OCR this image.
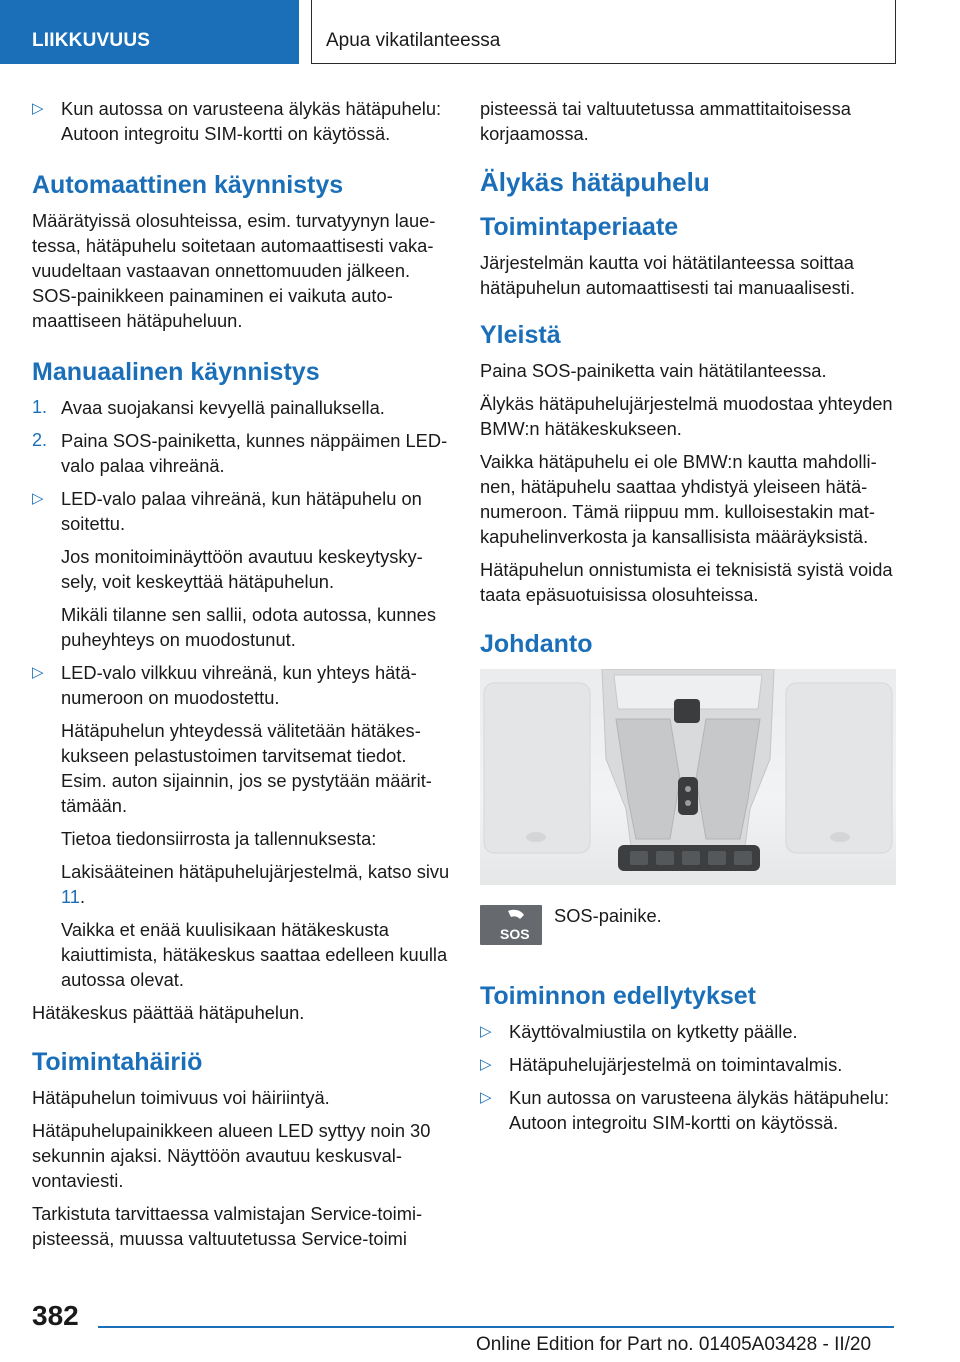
LIIKKUVUUS	Apua vikatilanteessa
▷ Kun autossa on varusteena älykäs hätäpuhelu: Autoon integroitu SIM-kortti on käytössä.
Automaattinen käynnistys

Määrätyissä olosuhteissa, esim. turvatyynyn lauetessa, hätäpuhelu soitetaan automaattisesti vakavuudeltaan vastaavan onnettomuuden jälkeen. SOS-painikkeen painaminen ei vaikuta automaattiseen hätäpuheluun.

Manuaalinen käynnistys
1. Avaa suojakansi kevyellä painalluksella.
2. Paina SOS-painiketta, kunnes näppäimen LED-valo palaa vihreänä.
▷ LED-valo palaa vihreänä, kun hätäpuhelu on soitettu.

Jos monitoiminäyttöön avautuu keskeytyskysely, voit keskeyttää hätäpuhelun.

Mikäli tilanne sen sallii, odota autossa, kunnes puheyhteys on muodostunut.

▷ LED-valo vilkkuu vihreänä, kun yhteys hätänumeroon on muodostettu.

Hätäpuhelun yhteydessä välitetään hätäkeskukseen pelastustoimen tarvitsemat tiedot. Esim. auton sijainnin, jos se pystytään määrittämään.

Tietoa tiedonsiirrosta ja tallennuksesta:

Lakisääteinen hätäpuhelujärjestelmä, katso sivu 11.

Vaikka et enää kuulisikaan hätäkeskusta kaiuttimista, hätäkeskus saattaa edelleen kuulla autossa olevat.

Hätäkeskus päättää hätäpuhelun.

Toimintahäiriö

Hätäpuhelun toimivuus voi häiriintyä.

Hätäpuhelupainikkeen alueen LED syttyy noin 30 sekunnin ajaksi. Näyttöön avautuu keskusvalvontaviesti.

Tarkistuta tarvittaessa valmistajan Service-toimipisteessä, muussa valtuutetussa Service-toimi

pisteessä tai valtuutetussa ammattitaitoisessa korjaamossa.

Älykäs hätäpuhelu
Toimintaperiaate

Järjestelmän kautta voi hätätilanteessa soittaa hätäpuhelun automaattisesti tai manuaalisesti.

Yleistä

Paina SOS-painiketta vain hätätilanteessa.

Älykäs hätäpuhelujärjestelmä muodostaa yhteyden BMW:n hätäkeskukseen.

Vaikka hätäpuhelu ei ole BMW:n kautta mahdollinen, hätäpuhelu saattaa yhdistyä yleiseen hätänumeroon. Tämä riippuu mm. kulloisestakin matkapuhelinverkosta ja kansallisista määräyksistä.

Hätäpuhelun onnistumista ei teknisistä syistä voida taata epäsuotuisissa olosuhteissa.

Johdanto
SOS
SOS-painike.
Toiminnon edellytykset
▷ Käyttövalmiustila on kytketty päälle.
▷ Hätäpuhelujärjestelmä on toimintavalmis.
▷ Kun autossa on varusteena älykäs hätäpuhelu: Autoon integroitu SIM-kortti on käytössä.
382
Online Edition for Part no. 01405A03428 - II/20
